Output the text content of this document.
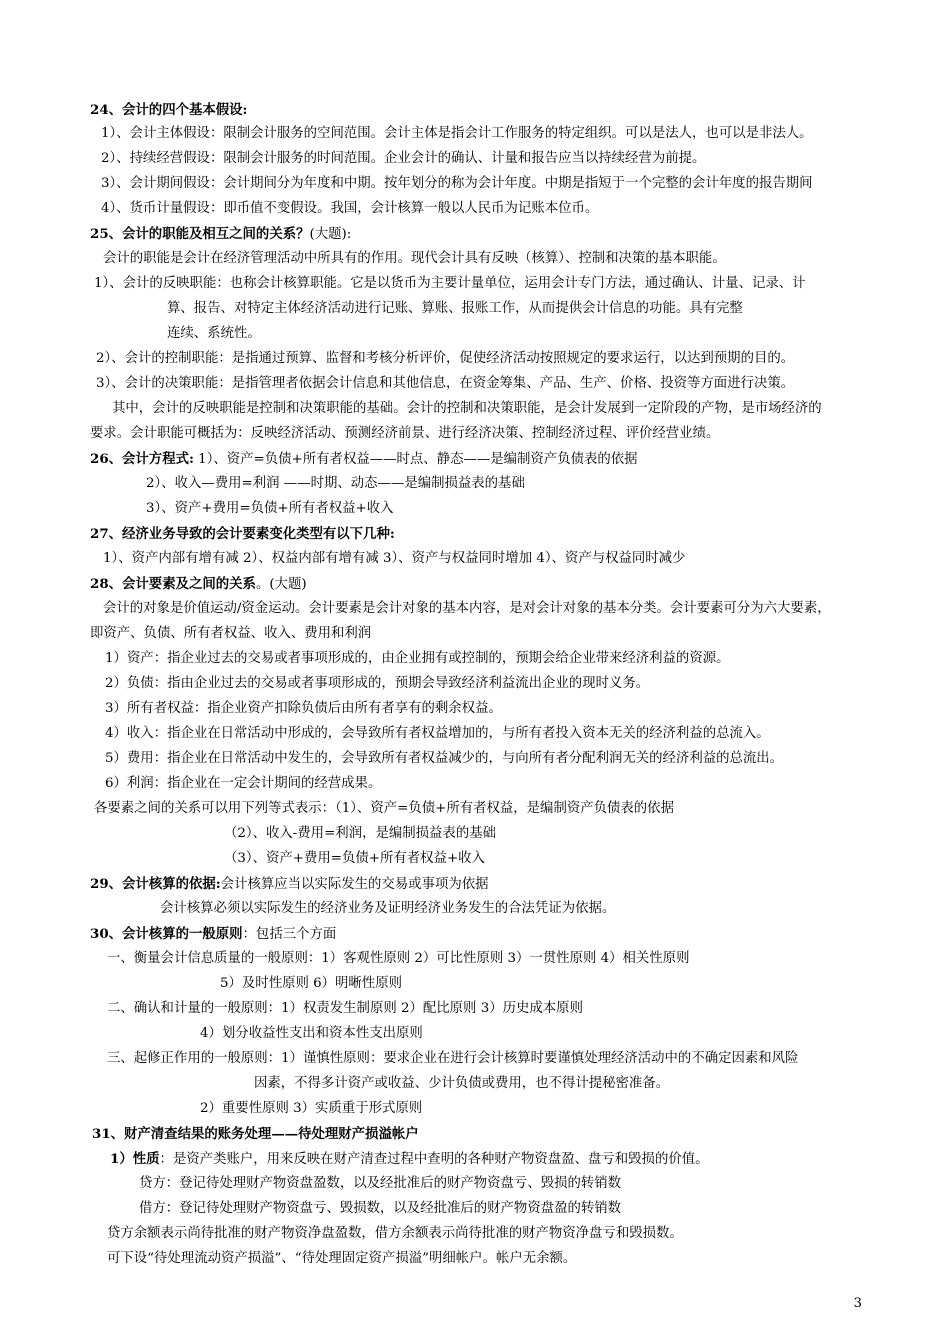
24、会计的四个基本假设:
1）、会计主体假设：限制会计服务的空间范围。会计主体是指会计工作服务的特定组织。可以是法人，也可以是非法人。
2）、持续经营假设：限制会计服务的时间范围。企业会计的确认、计量和报告应当以持续经营为前提。
3）、会计期间假设：会计期间分为年度和中期。按年划分的称为会计年度。中期是指短于一个完整的会计年度的报告期间
4）、货币计量假设：即币值不变假设。我国，会计核算一般以人民币为记账本位币。
25、会计的职能及相互之间的关系？(大题):
会计的职能是会计在经济管理活动中所具有的作用。现代会计具有反映（核算）、控制和决策的基本职能。
1）、会计的反映职能：也称会计核算职能。它是以货币为主要计量单位，运用会计专门方法，通过确认、计量、记录、计
算、报告、对特定主体经济活动进行记账、算账、报账工作，从而提供会计信息的功能。具有完整
连续、系统性。
2）、会计的控制职能：是指通过预算、监督和考核分析评价，促使经济活动按照规定的要求运行，以达到预期的目的。
3）、会计的决策职能：是指管理者依据会计信息和其他信息，在资金筹集、产品、生产、价格、投资等方面进行决策。
其中，会计的反映职能是控制和决策职能的基础。会计的控制和决策职能，是会计发展到一定阶段的产物，是市场经济的
要求。会计职能可概括为：反映经济活动、预测经济前景、进行经济决策、控制经济过程、评价经营业绩。
26、会计方程式: 1）、资产=负债+所有者权益——时点、静态——是编制资产负债表的依据
2）、收入—费用=利润 ——时期、动态——是编制损益表的基础
3）、资产+费用=负债+所有者权益+收入
27、经济业务导致的会计要素变化类型有以下几种:
1）、资产内部有增有减 2）、权益内部有增有减 3）、资产与权益同时增加 4）、资产与权益同时减少
28、会计要素及之间的关系。(大题)
会计的对象是价值运动/资金运动。会计要素是会计对象的基本内容，是对会计对象的基本分类。会计要素可分为六大要素，
即资产、负债、所有者权益、收入、费用和利润
1）资产：指企业过去的交易或者事项形成的，由企业拥有或控制的，预期会给企业带来经济利益的资源。
2）负债：指由企业过去的交易或者事项形成的，预期会导致经济利益流出企业的现时义务。
3）所有者权益：指企业资产扣除负债后由所有者享有的剩余权益。
4）收入：指企业在日常活动中形成的，会导致所有者权益增加的，与所有者投入资本无关的经济利益的总流入。
5）费用：指企业在日常活动中发生的，会导致所有者权益减少的，与向所有者分配利润无关的经济利益的总流出。
6）利润：指企业在一定会计期间的经营成果。
各要素之间的关系可以用下列等式表示：（1）、资产=负债+所有者权益，是编制资产负债表的依据
（2）、收入-费用=利润，是编制损益表的基础
（3）、资产+费用=负债+所有者权益+收入
29、会计核算的依据:会计核算应当以实际发生的交易或事项为依据
会计核算必须以实际发生的经济业务及证明经济业务发生的合法凭证为依据。
30、会计核算的一般原则：包括三个方面
一、衡量会计信息质量的一般原则：1）客观性原则 2）可比性原则 3）一贯性原则 4）相关性原则
5）及时性原则 6）明晰性原则
二、确认和计量的一般原则：1）权责发生制原则 2）配比原则 3）历史成本原则
4）划分收益性支出和资本性支出原则
三、起修正作用的一般原则：1）谨慎性原则：要求企业在进行会计核算时要谨慎处理经济活动中的不确定因素和风险
因素，不得多计资产或收益、少计负债或费用，也不得计提秘密准备。
2）重要性原则 3）实质重于形式原则
31、财产清查结果的账务处理——待处理财产损溢帐户
1）性质：是资产类账户，用来反映在财产清查过程中查明的各种财产物资盘盈、盘亏和毁损的价值。
贷方：登记待处理财产物资盘盈数，以及经批准后的财产物资盘亏、毁损的转销数
借方：登记待处理财产物资盘亏、毁损数，以及经批准后的财产物资盘盈的转销数
贷方余额表示尚待批准的财产物资净盘盈数，借方余额表示尚待批准的财产物资净盘亏和毁损数。
可下设“待处理流动资产损溢”、“待处理固定资产损溢”明细帐户。帐户无余额。
3
